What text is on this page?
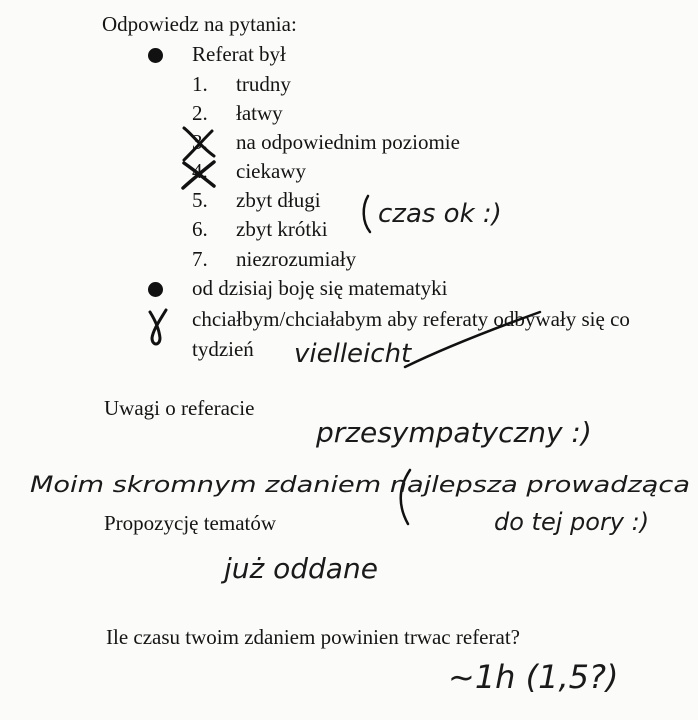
Odpowiedz na pytania:
Referat był
1. trudny
2. łatwy
3. na odpowiednim poziomie
4. ciekawy
5. zbyt długi
6. zbyt krótki
7. niezrozumiały
od dzisiaj boję się matematyki
chciałbym/chciałabym aby referaty odbywały się co
tydzień
Uwagi o referacie
Propozycję tematów
Ile czasu twoim zdaniem powinien trwac referat?
czas ok :)
vielleicht
przesympatyczny :)
Moim skromnym zdaniem najlepsza prowadząca
do tej pory :)
już oddane
~1h (1,5?)
